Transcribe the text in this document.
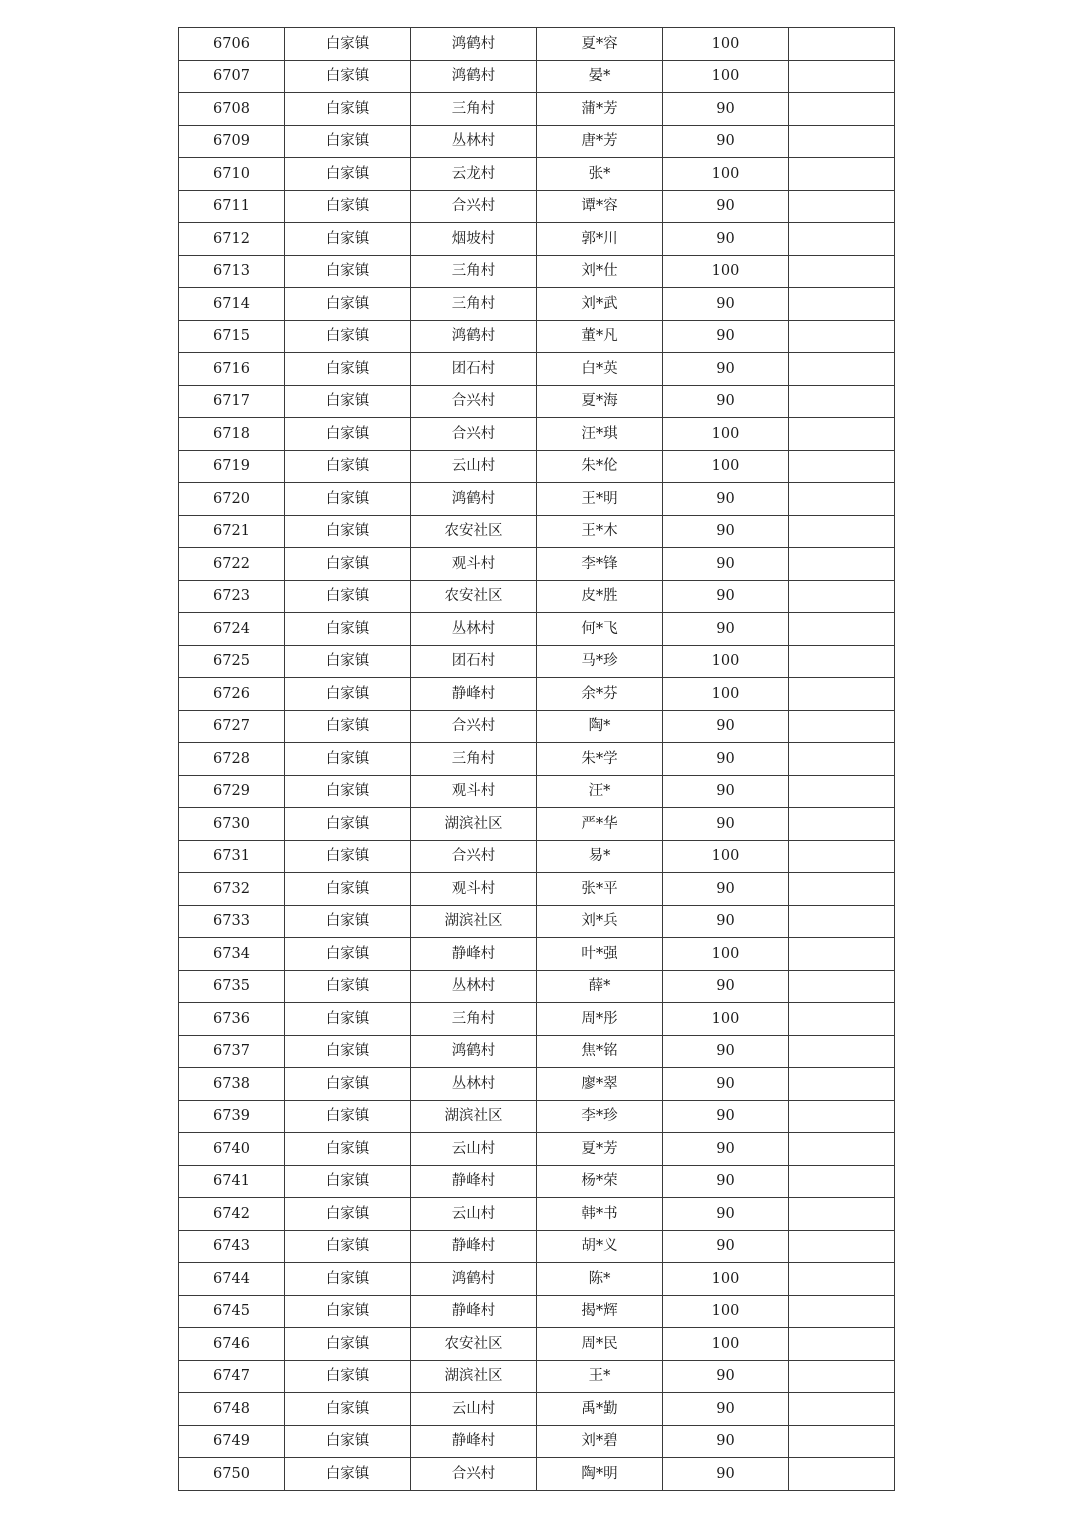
6706	白家镇	鸿鹤村	夏*容	100	
6707	白家镇	鸿鹤村	晏*	100	
6708	白家镇	三角村	蒲*芳	90	
6709	白家镇	丛林村	唐*芳	90	
6710	白家镇	云龙村	张*	100	
6711	白家镇	合兴村	谭*容	90	
6712	白家镇	烟坡村	郭*川	90	
6713	白家镇	三角村	刘*仕	100	
6714	白家镇	三角村	刘*武	90	
6715	白家镇	鸿鹤村	董*凡	90	
6716	白家镇	团石村	白*英	90	
6717	白家镇	合兴村	夏*海	90	
6718	白家镇	合兴村	汪*琪	100	
6719	白家镇	云山村	朱*伦	100	
6720	白家镇	鸿鹤村	王*明	90	
6721	白家镇	农安社区	王*木	90	
6722	白家镇	观斗村	李*锋	90	
6723	白家镇	农安社区	皮*胜	90	
6724	白家镇	丛林村	何*飞	90	
6725	白家镇	团石村	马*珍	100	
6726	白家镇	静峰村	余*芬	100	
6727	白家镇	合兴村	陶*	90	
6728	白家镇	三角村	朱*学	90	
6729	白家镇	观斗村	汪*	90	
6730	白家镇	湖滨社区	严*华	90	
6731	白家镇	合兴村	易*	100	
6732	白家镇	观斗村	张*平	90	
6733	白家镇	湖滨社区	刘*兵	90	
6734	白家镇	静峰村	叶*强	100	
6735	白家镇	丛林村	薛*	90	
6736	白家镇	三角村	周*彤	100	
6737	白家镇	鸿鹤村	焦*铭	90	
6738	白家镇	丛林村	廖*翠	90	
6739	白家镇	湖滨社区	李*珍	90	
6740	白家镇	云山村	夏*芳	90	
6741	白家镇	静峰村	杨*荣	90	
6742	白家镇	云山村	韩*书	90	
6743	白家镇	静峰村	胡*义	90	
6744	白家镇	鸿鹤村	陈*	100	
6745	白家镇	静峰村	揭*辉	100	
6746	白家镇	农安社区	周*民	100	
6747	白家镇	湖滨社区	王*	90	
6748	白家镇	云山村	禹*勤	90	
6749	白家镇	静峰村	刘*碧	90	
6750	白家镇	合兴村	陶*明	90	
